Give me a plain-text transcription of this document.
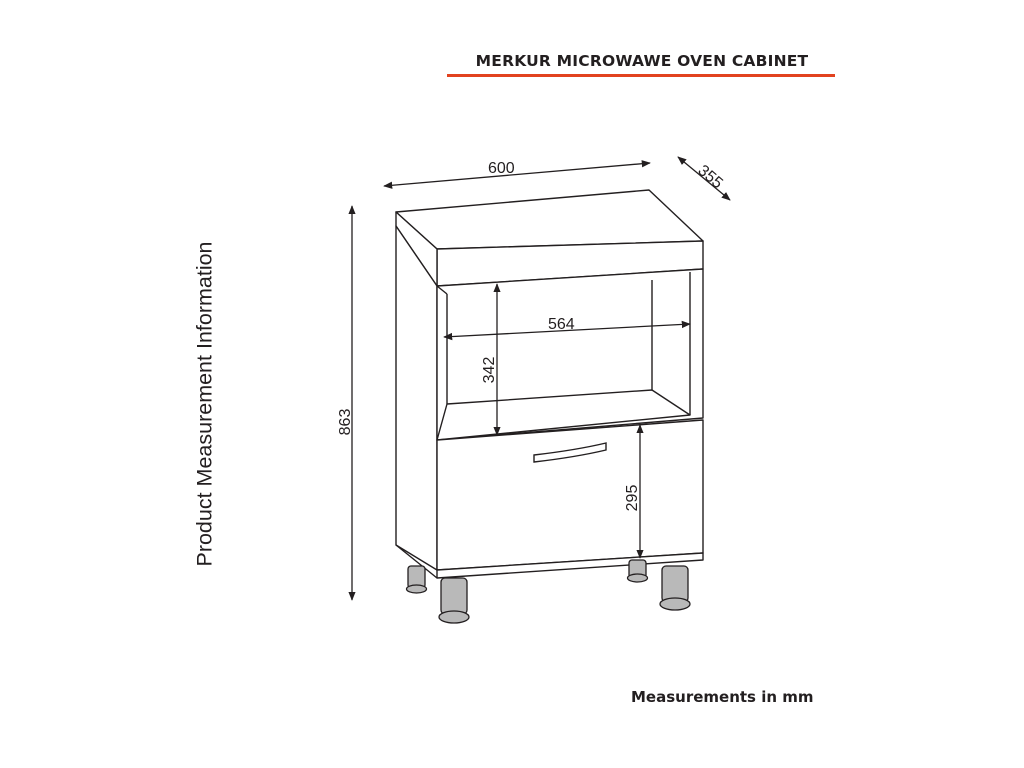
MERKUR MICROWAWE OVEN CABINET
Product Measurement Information
Measurements in mm
600	355
863
564
342
295
